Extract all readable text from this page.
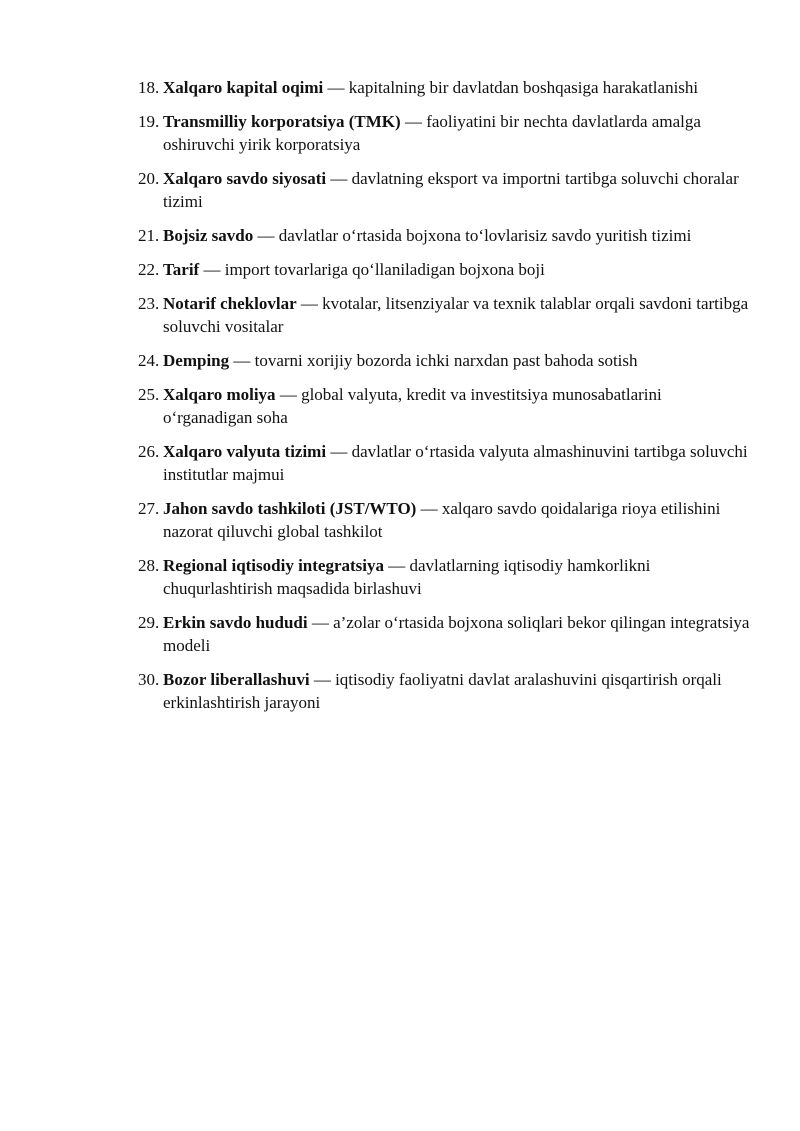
18. Xalqaro kapital oqimi — kapitalning bir davlatdan boshqasiga harakatlanishi
19. Transmilliy korporatsiya (TMK) — faoliyatini bir nechta davlatlarda amalga oshiruvchi yirik korporatsiya
20. Xalqaro savdo siyosati — davlatning eksport va importni tartibga soluvchi choralar tizimi
21. Bojsiz savdo — davlatlar oʻrtasida bojxona toʻlovlarisiz savdo yuritish tizimi
22. Tarif — import tovarlariga qoʻllaniladigan bojxona boji
23. Notarif cheklovlar — kvotalar, litsenziyalar va texnik talablar orqali savdoni tartibga soluvchi vositalar
24. Demping — tovarni xorijiy bozorda ichki narxdan past bahoda sotish
25. Xalqaro moliya — global valyuta, kredit va investitsiya munosabatlarini oʻrganadigan soha
26. Xalqaro valyuta tizimi — davlatlar oʻrtasida valyuta almashinuvini tartibga soluvchi institutlar majmui
27. Jahon savdo tashkiloti (JST/WTO) — xalqaro savdo qoidalariga rioya etilishini nazorat qiluvchi global tashkilot
28. Regional iqtisodiy integratsiya — davlatlarning iqtisodiy hamkorlikni chuqurlashtirish maqsadida birlashuvi
29. Erkin savdo hududi — a’zolar oʻrtasida bojxona soliqlari bekor qilingan integratsiya modeli
30. Bozor liberallashuvi — iqtisodiy faoliyatni davlat aralashuvini qisqartirish orqali erkinlashtirish jarayoni
